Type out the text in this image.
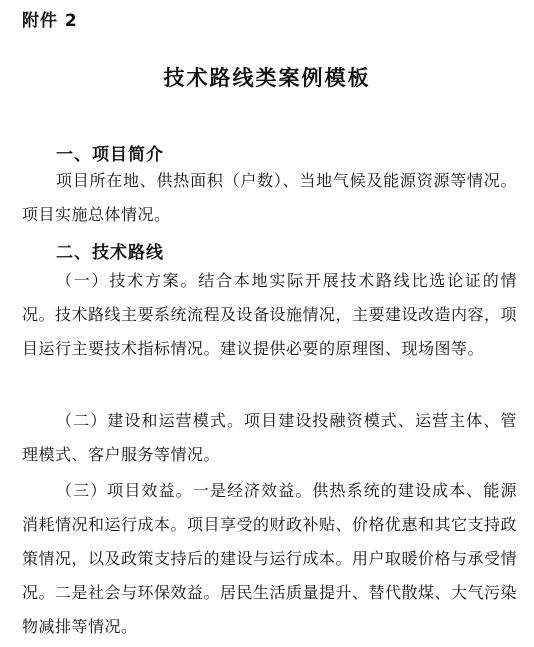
附件 2
技术路线类案例模板
一、项目简介

项目所在地、供热面积（户数）、当地气候及能源资源等情况。项目实施总体情况。

二、技术路线

（一）技术方案。结合本地实际开展技术路线比选论证的情况。技术路线主要系统流程及设备设施情况，主要建设改造内容，项目运行主要技术指标情况。建议提供必要的原理图、现场图等。

（二）建设和运营模式。项目建设投融资模式、运营主体、管理模式、客户服务等情况。

（三）项目效益。一是经济效益。供热系统的建设成本、能源消耗情况和运行成本。项目享受的财政补贴、价格优惠和其它支持政策情况，以及政策支持后的建设与运行成本。用户取暖价格与承受情况。二是社会与环保效益。居民生活质量提升、替代散煤、大气污染物减排等情况。
